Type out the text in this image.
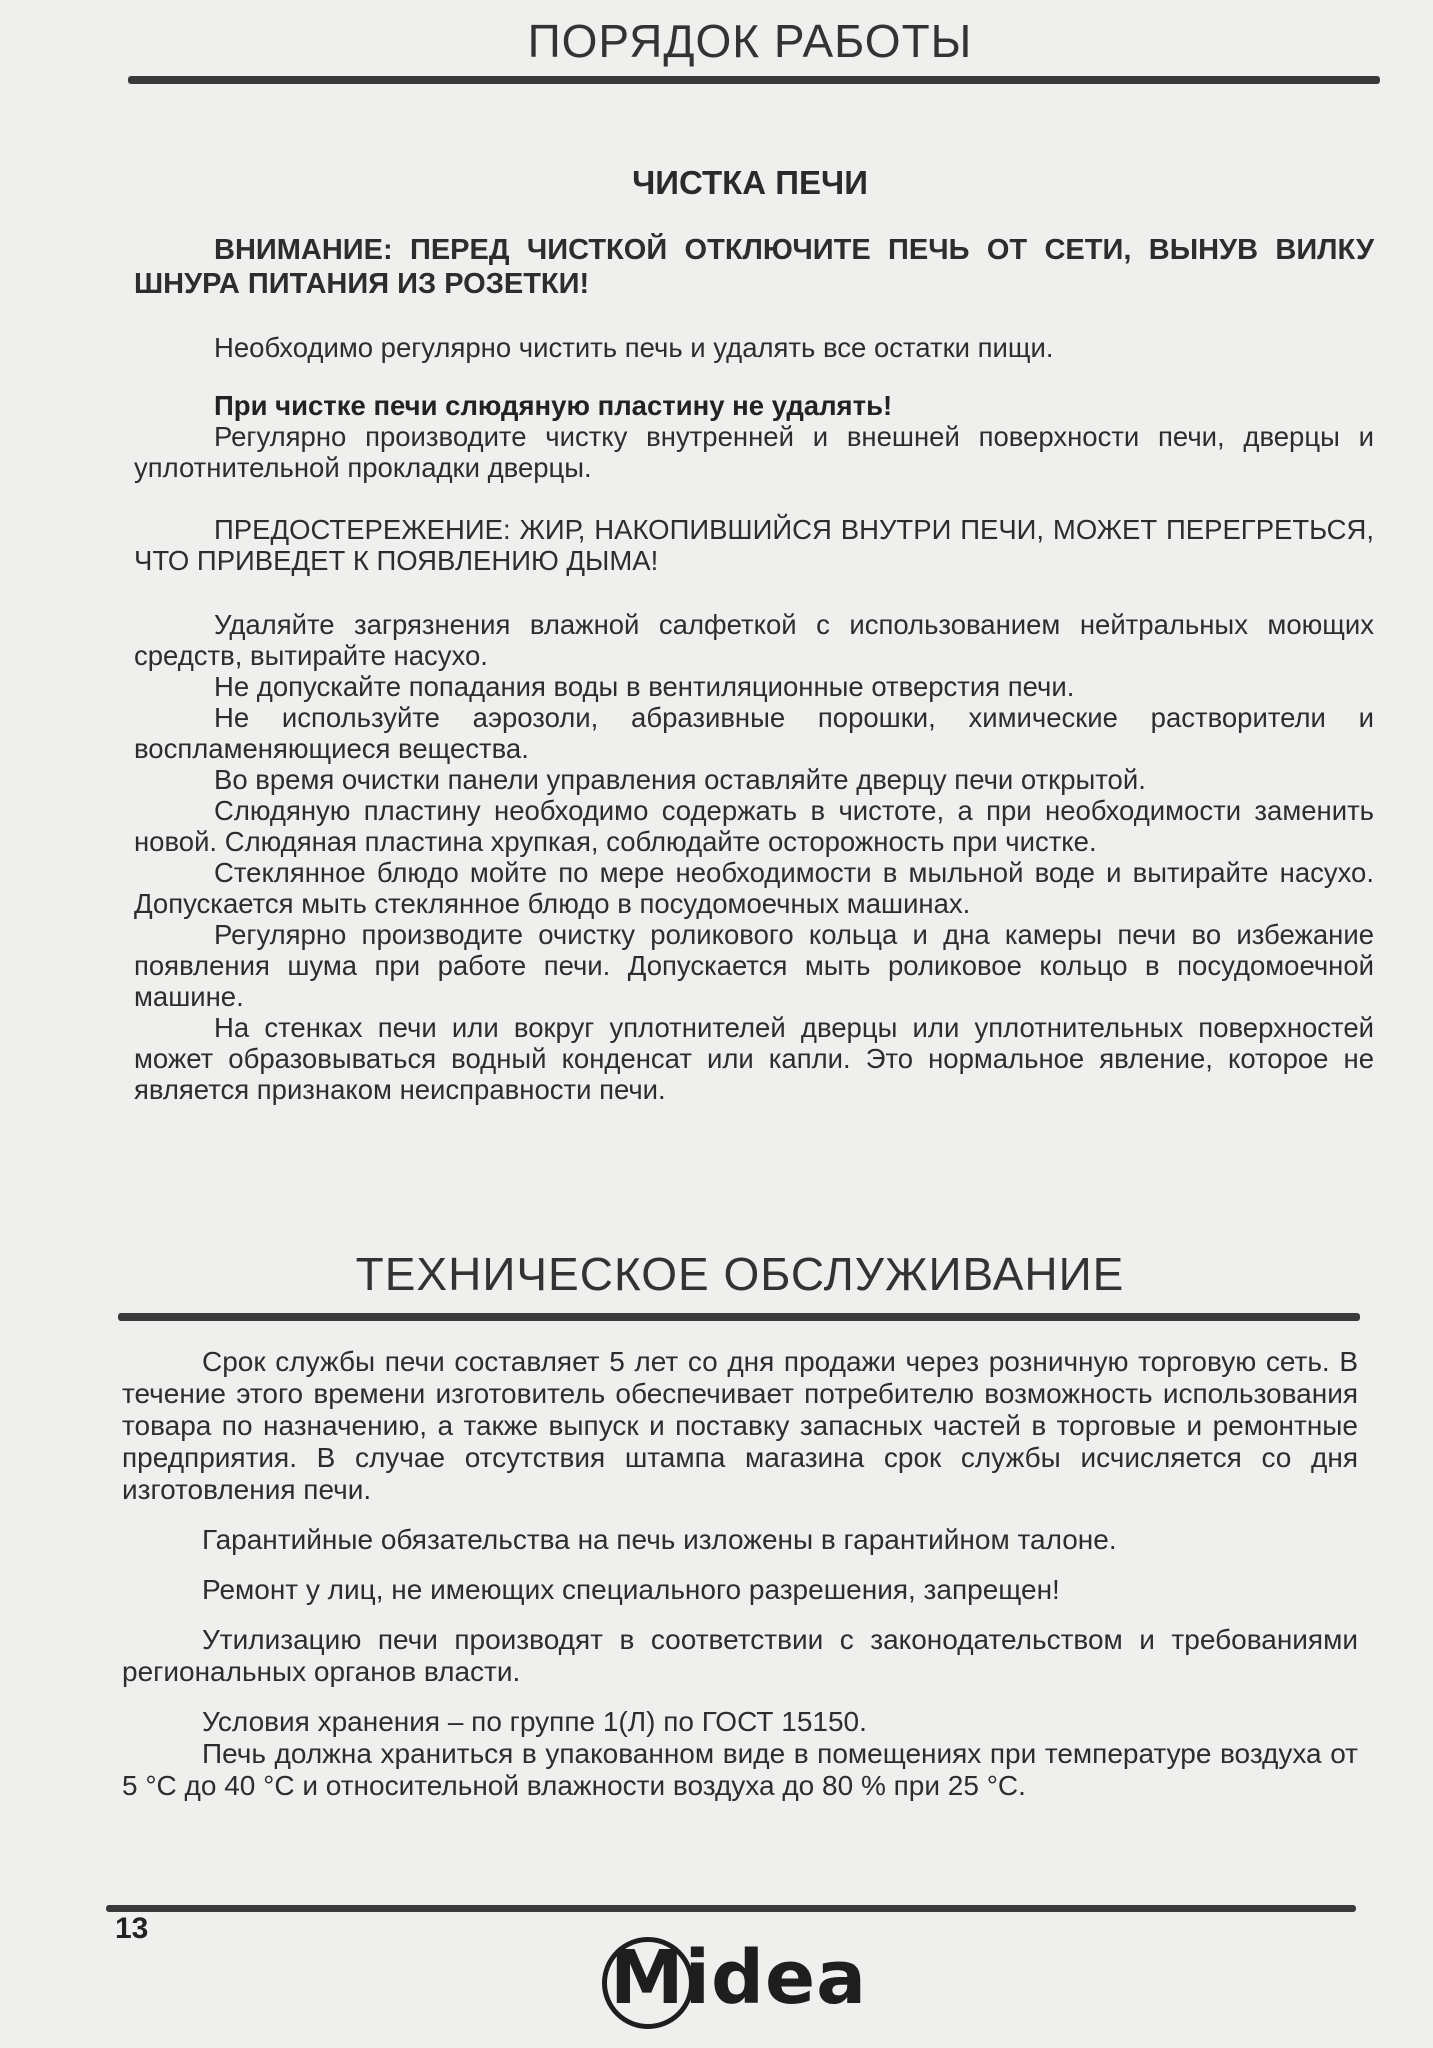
ПОРЯДОК РАБОТЫ
ЧИСТКА ПЕЧИ

ВНИМАНИЕ: ПЕРЕД ЧИСТКОЙ ОТКЛЮЧИТЕ ПЕЧЬ ОТ СЕТИ, ВЫНУВ ВИЛКУ ШНУРА ПИТАНИЯ ИЗ РОЗЕТКИ!

Необходимо регулярно чистить печь и удалять все остатки пищи.

При чистке печи слюдяную пластину не удалять!

Регулярно производите чистку внутренней и внешней поверхности печи, дверцы и уплотнительной прокладки дверцы.

ПРЕДОСТЕРЕЖЕНИЕ: ЖИР, НАКОПИВШИЙСЯ ВНУТРИ ПЕЧИ, МОЖЕТ ПЕРЕГРЕТЬСЯ, ЧТО ПРИВЕДЕТ К ПОЯВЛЕНИЮ ДЫМА!

Удаляйте загрязнения влажной салфеткой с использованием нейтральных моющих средств, вытирайте насухо.

Не допускайте попадания воды в вентиляционные отверстия печи.

Не используйте аэрозоли, абразивные порошки, химические растворители и воспламеняющиеся вещества.

Во время очистки панели управления оставляйте дверцу печи открытой.

Слюдяную пластину необходимо содержать в чистоте, а при необходимости заменить новой. Слюдяная пластина хрупкая, соблюдайте осторожность при чистке.

Стеклянное блюдо мойте по мере необходимости в мыльной воде и вытирайте насухо. Допускается мыть стеклянное блюдо в посудомоечных машинах.

Регулярно производите очистку роликового кольца и дна камеры печи во избежание появления шума при работе печи. Допускается мыть роликовое кольцо в посудомоечной машине.

На стенках печи или вокруг уплотнителей дверцы или уплотнительных поверхностей может образовываться водный конденсат или капли. Это нормальное явление, которое не является признаком неисправности печи.

ТЕХНИЧЕСКОЕ ОБСЛУЖИВАНИЕ

Срок службы печи составляет 5 лет со дня продажи через розничную торговую сеть. В течение этого времени изготовитель обеспечивает потребителю возможность использования товара по назначению, а также выпуск и поставку запасных частей в торговые и ремонтные предприятия. В случае отсутствия штампа магазина срок службы исчисляется со дня изготовления печи.

Гарантийные обязательства на печь изложены в гарантийном талоне.

Ремонт у лиц, не имеющих специального разрешения, запрещен!

Утилизацию печи производят в соответствии с законодательством и требованиями региональных органов власти.

Условия хранения – по группе 1(Л) по ГОСТ 15150.

Печь должна храниться в упакованном виде в помещениях при температуре воздуха от 5 °С до 40 °С и относительной влажности воздуха до 80 % при 25 °С.

13
Midea
